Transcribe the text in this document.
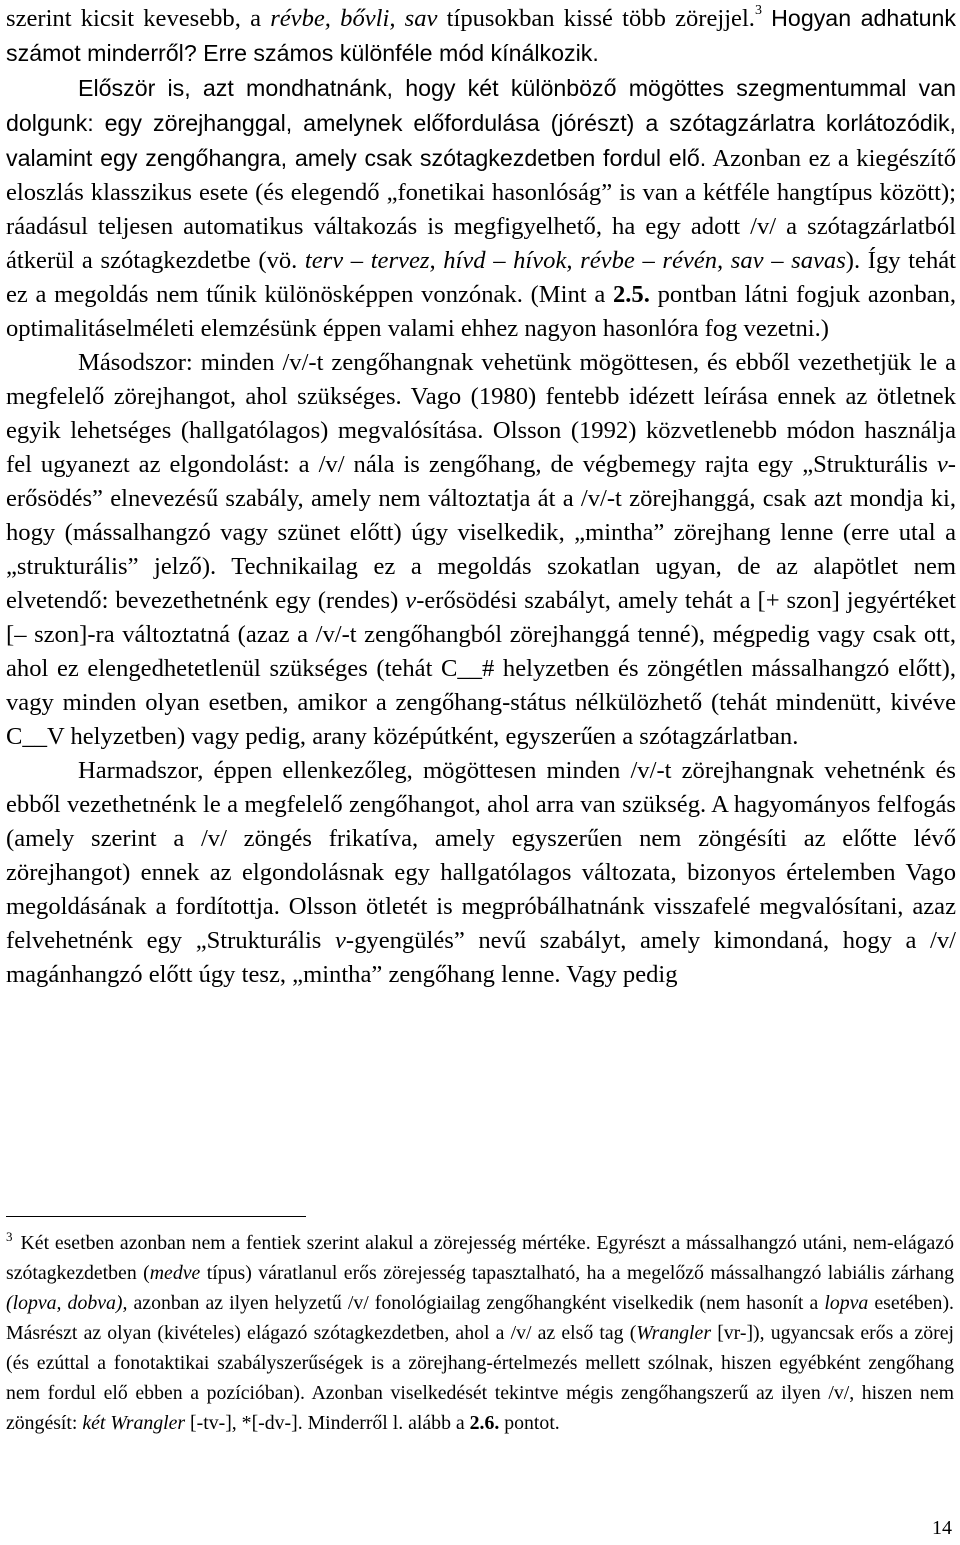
szerint kicsit kevesebb, a révbe, bővli, sav típusokban kissé több zörejjel.$^3$ Hogyan adhatunk számot minderről? Erre számos különféle mód kínálkozik.

Először is, azt mondhatnánk, hogy két különböző mögöttes szegmentummal van dolgunk: egy zörejhanggal, amelynek előfordulása (jórészt) a szótagzárlatra korlátozódik, valamint egy zengőhangra, amely csak szótagkezdetben fordul elő. Azonban ez a kiegészítő eloszlás klasszikus esete (és elegendő „fonetikai hasonlóság” is van a kétféle hangtípus között); ráadásul teljesen automatikus váltakozás is megfigyelhető, ha egy adott /v/ a szótagzárlatból átkerül a szótagkezdetbe (vö. terv – tervez, hívd – hívok, révbe – révén, sav – savas). Így tehát ez a megoldás nem tűnik különösképpen vonzónak. (Mint a 2.5. pontban látni fogjuk azonban, optimalitáselméleti elemzésünk éppen valami ehhez nagyon hasonlóra fog vezetni.)

Másodszor: minden /v/-t zengőhangnak vehetünk mögöttesen, és ebből vezethetjük le a megfelelő zörejhangot, ahol szükséges. Vago (1980) fentebb idézett leírása ennek az ötletnek egyik lehetséges (hallgatólagos) megvalósítása. Olsson (1992) közvetlenebb módon használja fel ugyanezt az elgondolást: a /v/ nála is zengőhang, de végbemegy rajta egy „Strukturális v-erősödés” elnevezésű szabály, amely nem változtatja át a /v/-t zörejhanggá, csak azt mondja ki, hogy (mássalhangzó vagy szünet előtt) úgy viselkedik, „mintha” zörejhang lenne (erre utal a „strukturális” jelző). Technikailag ez a megoldás szokatlan ugyan, de az alapötlet nem elvetendő: bevezethetnénk egy (rendes) v-erősödési szabályt, amely tehát a [+ szon] jegyértéket [– szon]-ra változtatná (azaz a /v/-t zengőhangból zörejhanggá tenné), mégpedig vagy csak ott, ahol ez elengedhetetlenül szükséges (tehát C__# helyzetben és zöngétlen mássalhangzó előtt), vagy minden olyan esetben, amikor a zengőhang-státus nélkülözhető (tehát mindenütt, kivéve C__V helyzetben) vagy pedig, arany középútként, egyszerűen a szótagzárlatban.

Harmadszor, éppen ellenkezőleg, mögöttesen minden /v/-t zörejhangnak vehetnénk és ebből vezethetnénk le a megfelelő zengőhangot, ahol arra van szükség. A hagyományos felfogás (amely szerint a /v/ zöngés frikatíva, amely egyszerűen nem zöngésíti az előtte lévő zörejhangot) ennek az elgondolásnak egy hallgatólagos változata, bizonyos értelemben Vago megoldásának a fordítottja. Olsson ötletét is megpróbálhatnánk visszafelé megvalósítani, azaz felvehetnénk egy „Strukturális v-gyengülés” nevű szabályt, amely kimondaná, hogy a /v/ magánhangzó előtt úgy tesz, „mintha” zengőhang lenne. Vagy pedig

$^3$ Két esetben azonban nem a fentiek szerint alakul a zörejesség mértéke. Egyrészt a mássalhangzó utáni, nem-elágazó szótagkezdetben (medve típus) váratlanul erős zörejesség tapasztalható, ha a megelőző mássalhangzó labiális zárhang (lopva, dobva), azonban az ilyen helyzetű /v/ fonológiailag zengőhangként viselkedik (nem hasonít a lopva esetében). Másrészt az olyan (kivételes) elágazó szótagkezdetben, ahol a /v/ az első tag (Wrangler [vr-]), ugyancsak erős a zörej (és ezúttal a fonotaktikai szabályszerűségek is a zörejhang-értelmezés mellett szólnak, hiszen egyébként zengőhang nem fordul elő ebben a pozícióban). Azonban viselkedését tekintve mégis zengőhangszerű az ilyen /v/, hiszen nem zöngésít: két Wrangler [-tv-], *[-dv-]. Minderről l. alább a 2.6. pontot.

14
